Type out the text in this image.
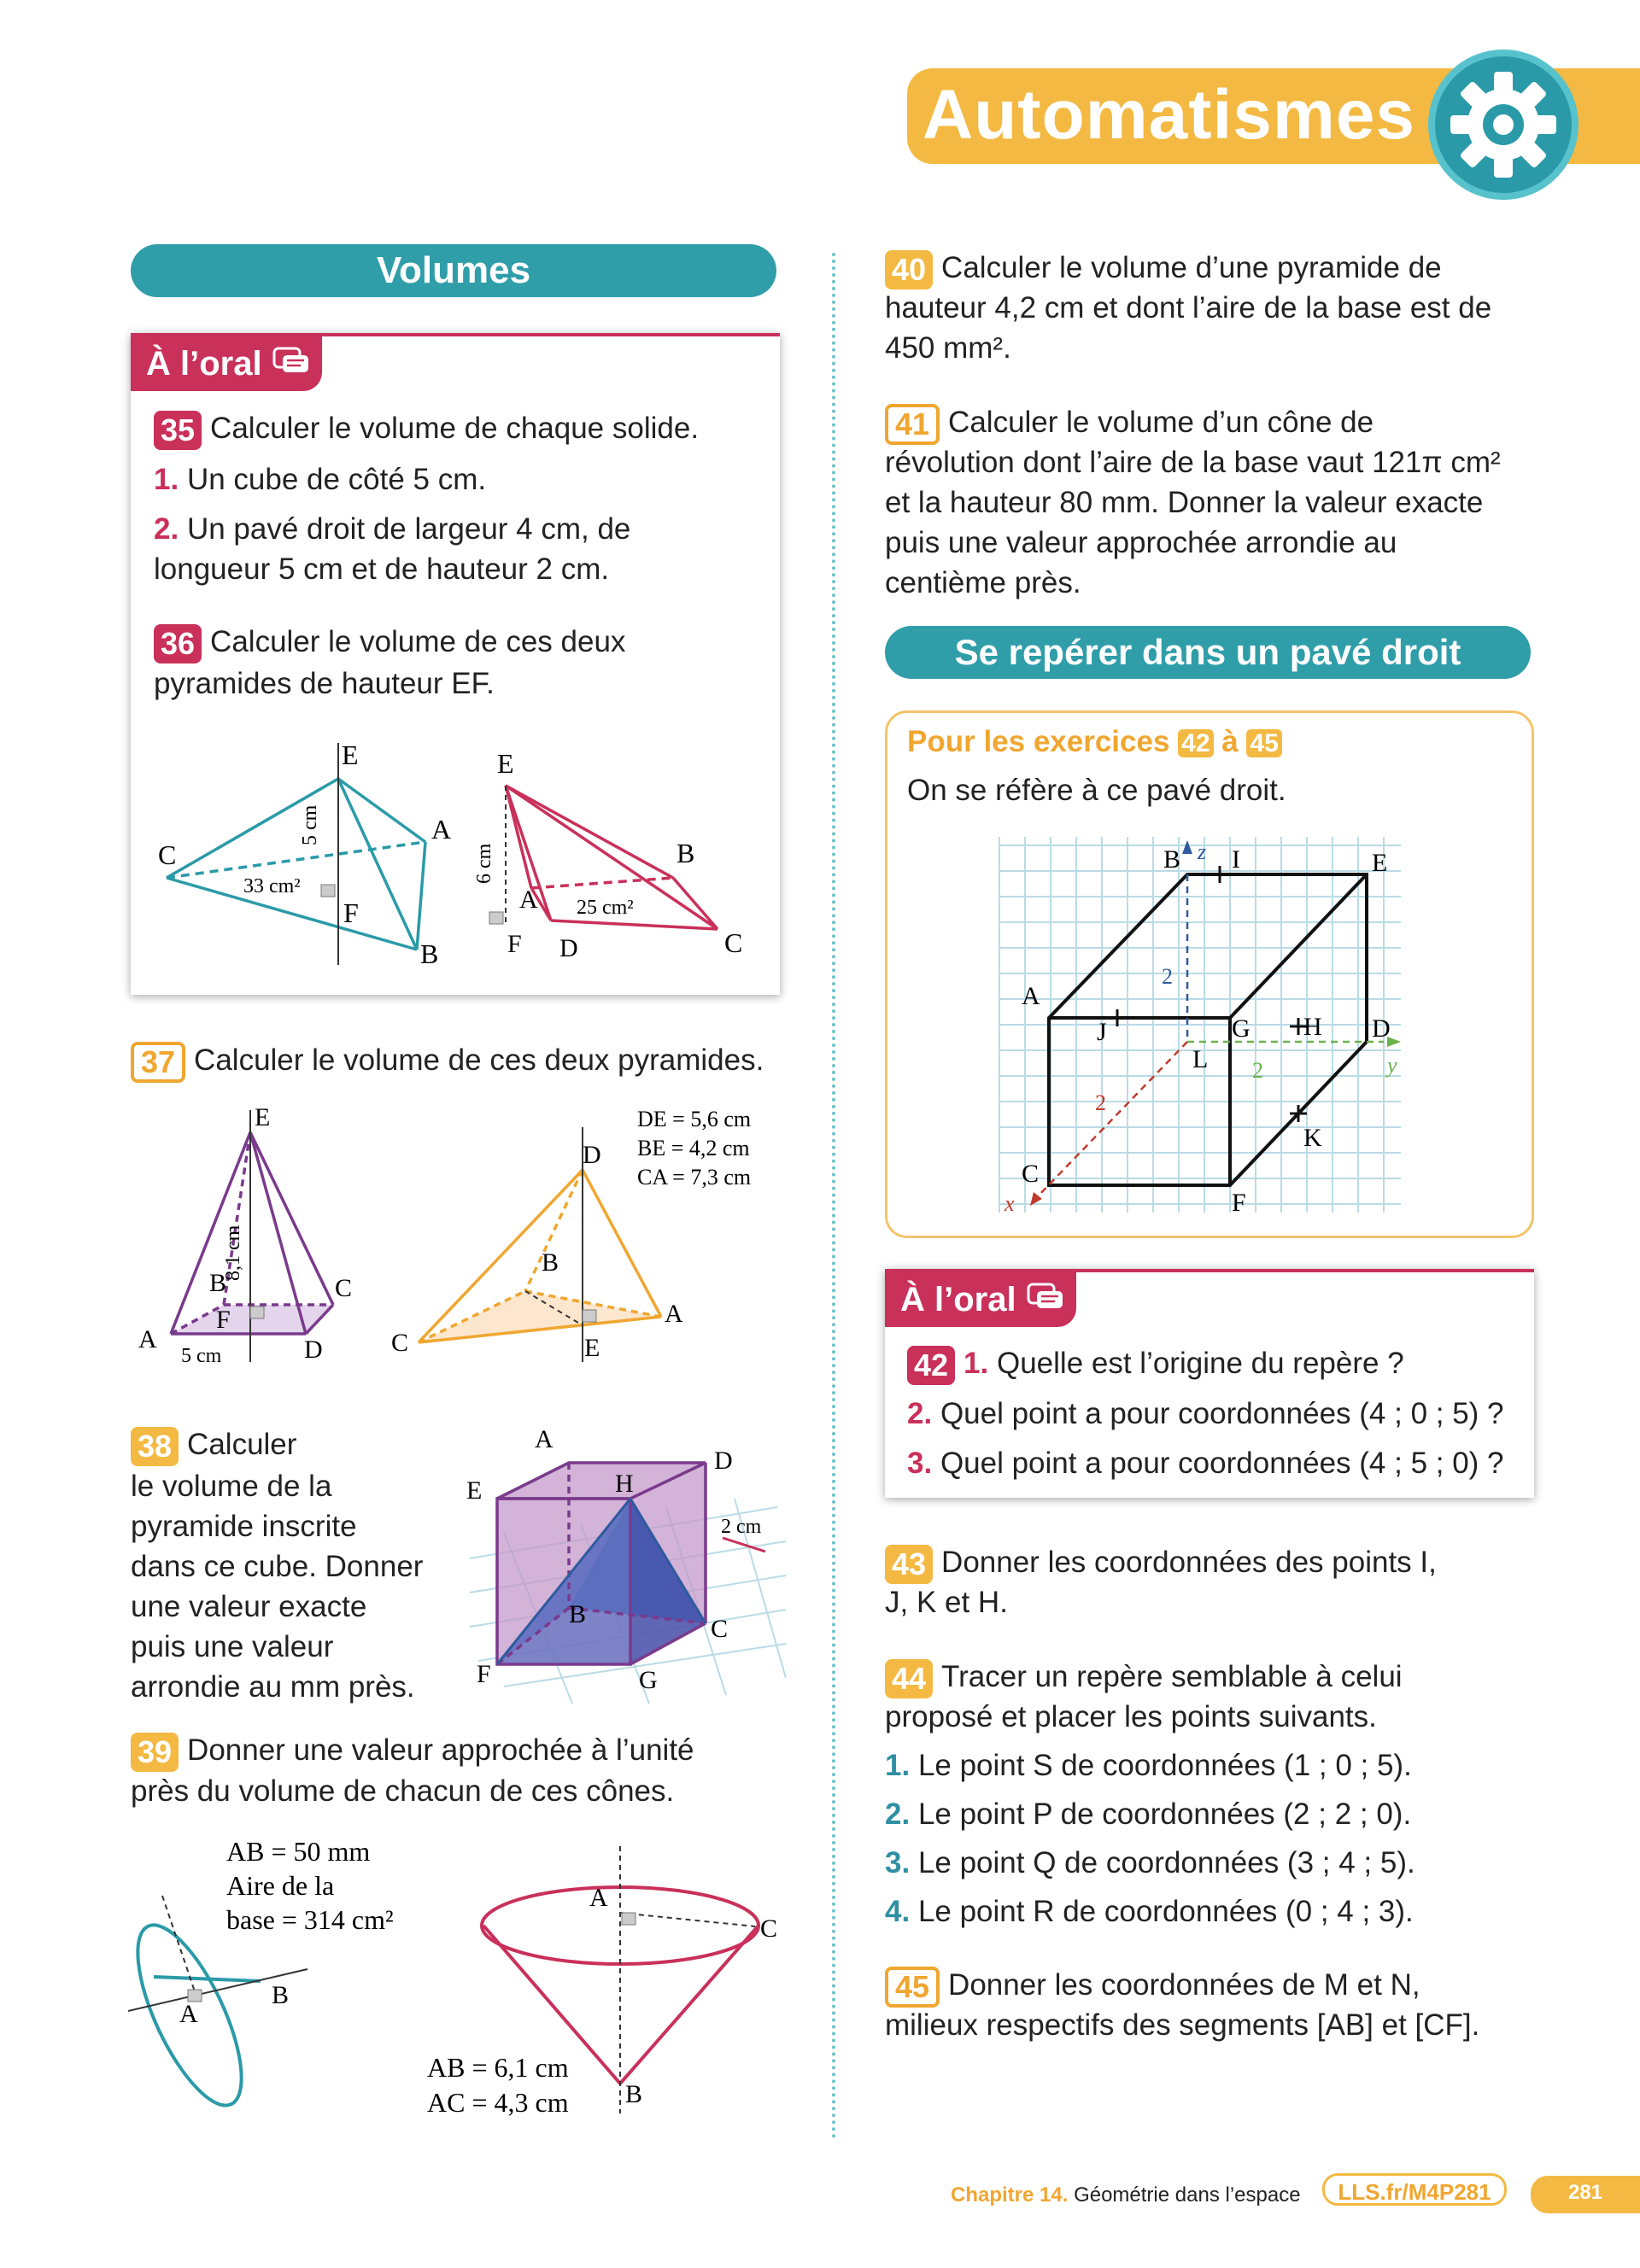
Automatismes
Volumes
À l’oral
35 Calculer le volume de chaque solide.
1. Un cube de côté 5 cm.
2. Un pavé droit de largeur 4 cm, de
longueur 5 cm et de hauteur 2 cm.
36 Calculer le volume de ces deux
pyramides de hauteur EF.
E
A
C
F
B
5 cm
33 cm²
E
B
A
F D	C
6 cm
25 cm²
37 Calculer le volume de ces deux pyramides.
E
B	C
A
F
D
8,1 cm
5 cm
D
B
C
A
E
DE = 5,6 cm
BE = 4,2 cm
CA = 7,3 cm
38 Calculer
le volume de la
pyramide inscrite
dans ce cube. Donner
une valeur exacte
puis une valeur
arrondie au mm près.
A
D
E	H
B
C
F	G
2 cm
39 Donner une valeur approchée à l’unité
près du volume de chacun de ces cônes.
AB = 50 mm
Aire de la
base = 314 cm²
A
B
A
C
B
AB = 6,1 cm
AC = 4,3 cm
40 Calculer le volume d’une pyramide de
hauteur 4,2 cm et dont l’aire de la base est de
450 mm².
41 Calculer le volume d’un cône de
révolution dont l’aire de la base vaut 121π cm²
et la hauteur 80 mm. Donner la valeur exacte
puis une valeur approchée arrondie au
centième près.
Se repérer dans un pavé droit
Pour les exercices 42 à 45
On se réfère à ce pavé droit.
B z I	E
A
J	G H D
L	y
K
C
x	F
2
2
2
À l’oral
42 1. Quelle est l’origine du repère ?
2. Quel point a pour coordonnées (4 ; 0 ; 5) ?
3. Quel point a pour coordonnées (4 ; 5 ; 0) ?
43 Donner les coordonnées des points I,
J, K et H.
44 Tracer un repère semblable à celui
proposé et placer les points suivants.
1. Le point S de coordonnées (1 ; 0 ; 5).
2. Le point P de coordonnées (2 ; 2 ; 0).
3. Le point Q de coordonnées (3 ; 4 ; 5).
4. Le point R de coordonnées (0 ; 4 ; 3).
45 Donner les coordonnées de M et N,
milieux respectifs des segments [AB] et [CF].
Chapitre 14. Géométrie dans l’espace	LLS.fr/M4P281	281
